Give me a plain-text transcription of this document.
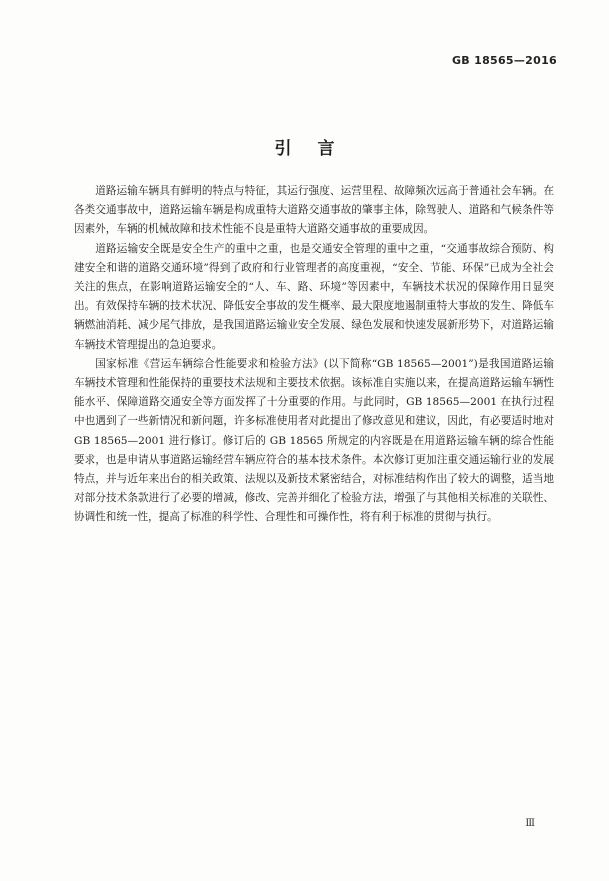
GB 18565—2016
引言

道路运输车辆具有鲜明的特点与特征，其运行强度、运营里程、故障频次远高于普通社会车辆。在各类交通事故中，道路运输车辆是构成重特大道路交通事故的肇事主体，除驾驶人、道路和气候条件等因素外，车辆的机械故障和技术性能不良是重特大道路交通事故的重要成因。

道路运输安全既是安全生产的重中之重，也是交通安全管理的重中之重，“交通事故综合预防、构建安全和谐的道路交通环境”得到了政府和行业管理者的高度重视，“安全、节能、环保”已成为全社会关注的焦点，在影响道路运输安全的“人、车、路、环境”等因素中，车辆技术状况的保障作用日显突出。有效保持车辆的技术状况、降低安全事故的发生概率、最大限度地遏制重特大事故的发生、降低车辆燃油消耗、减少尾气排放，是我国道路运输业安全发展、绿色发展和快速发展新形势下，对道路运输车辆技术管理提出的急迫要求。

国家标准《营运车辆综合性能要求和检验方法》(以下简称“GB 18565—2001”)是我国道路运输车辆技术管理和性能保持的重要技术法规和主要技术依据。该标准自实施以来，在提高道路运输车辆性能水平、保障道路交通安全等方面发挥了十分重要的作用。与此同时，GB 18565—2001 在执行过程中也遇到了一些新情况和新问题，许多标准使用者对此提出了修改意见和建议，因此，有必要适时地对 GB 18565—2001 进行修订。修订后的 GB 18565 所规定的内容既是在用道路运输车辆的综合性能要求，也是申请从事道路运输经营车辆应符合的基本技术条件。本次修订更加注重交通运输行业的发展特点，并与近年来出台的相关政策、法规以及新技术紧密结合，对标准结构作出了较大的调整，适当地对部分技术条款进行了必要的增减，修改、完善并细化了检验方法，增强了与其他相关标准的关联性、协调性和统一性，提高了标准的科学性、合理性和可操作性，将有利于标准的贯彻与执行。

Ⅲ
